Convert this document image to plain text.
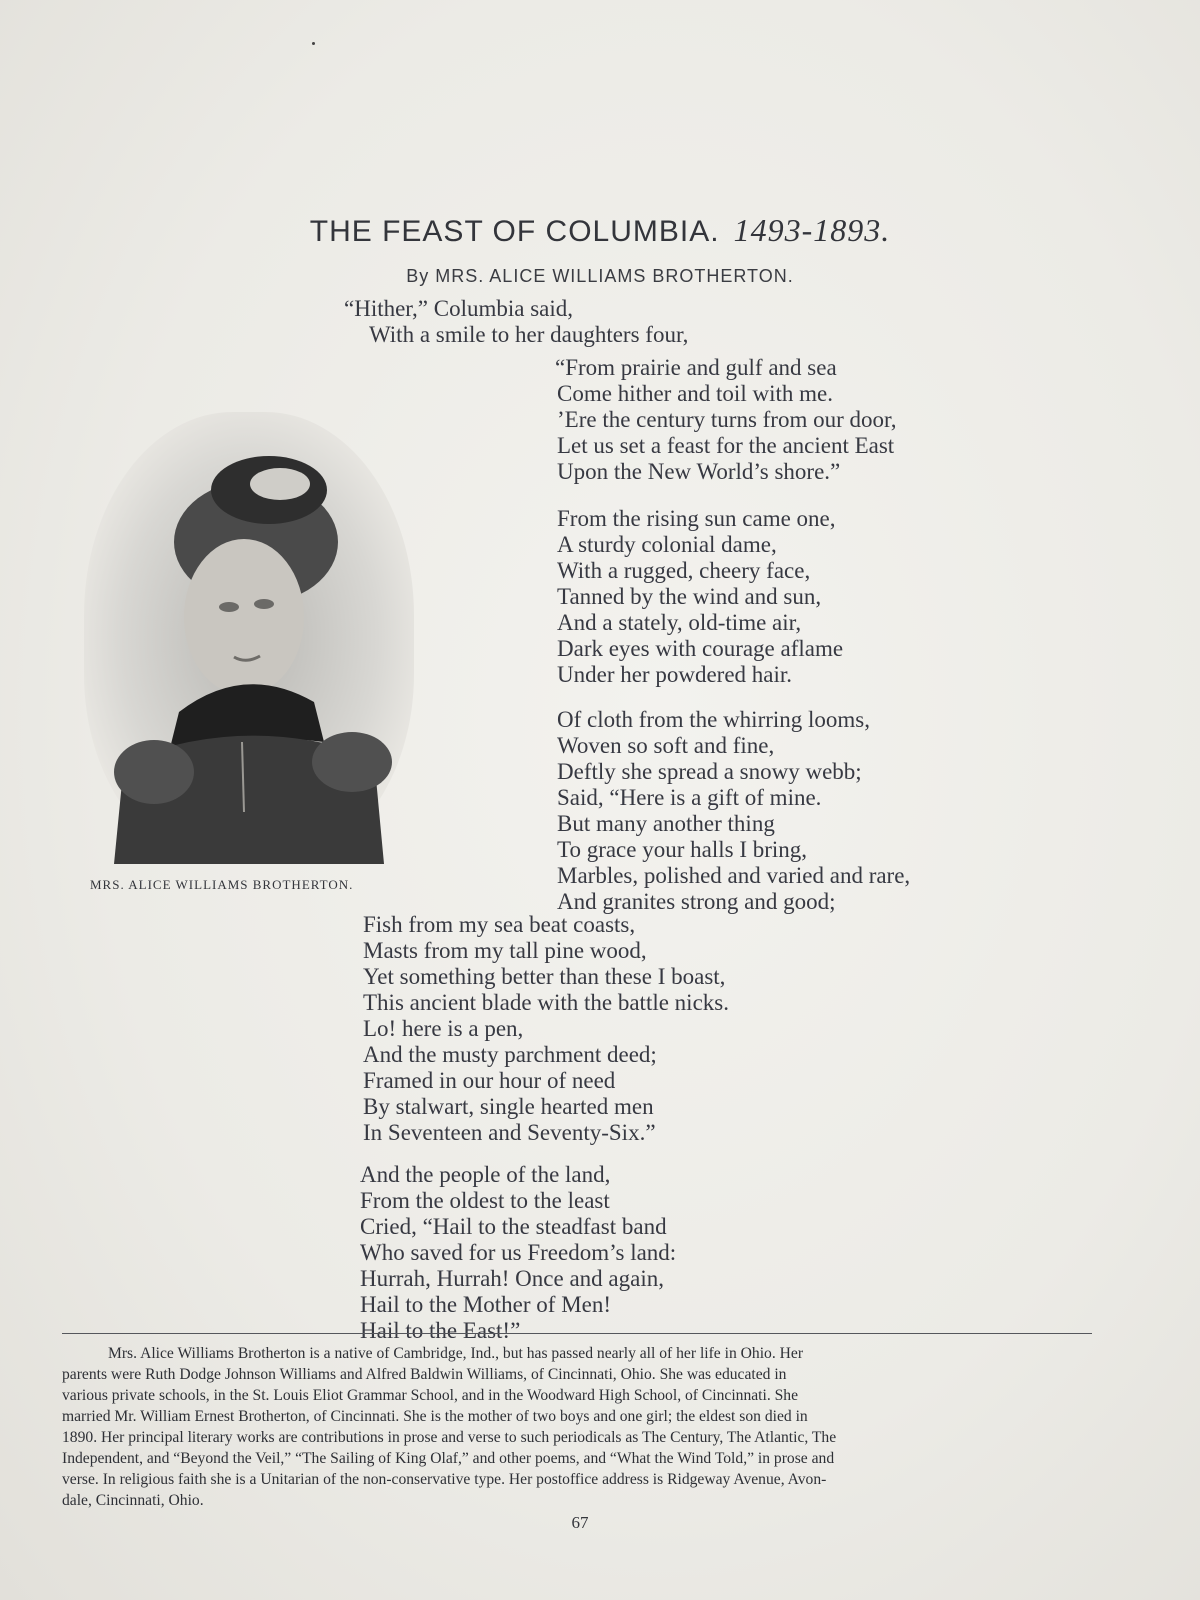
THE FEAST OF COLUMBIA. 1493-1893.
By MRS. ALICE WILLIAMS BROTHERTON.
MRS. ALICE WILLIAMS BROTHERTON.
“Hither,” Columbia said,
With a smile to her daughters four,
“From prairie and gulf and sea
Come hither and toil with me.
’Ere the century turns from our door,
Let us set a feast for the ancient East
Upon the New World’s shore.”
From the rising sun came one,
A sturdy colonial dame,
With a rugged, cheery face,
Tanned by the wind and sun,
And a stately, old-time air,
Dark eyes with courage aflame
Under her powdered hair.
Of cloth from the whirring looms,
Woven so soft and fine,
Deftly she spread a snowy webb;
Said, “Here is a gift of mine.
But many another thing
To grace your halls I bring,
Marbles, polished and varied and rare,
And granites strong and good;
Fish from my sea beat coasts,
Masts from my tall pine wood,
Yet something better than these I boast,
This ancient blade with the battle nicks.
Lo! here is a pen,
And the musty parchment deed;
Framed in our hour of need
By stalwart, single hearted men
In Seventeen and Seventy-Six.”
And the people of the land,
From the oldest to the least
Cried, “Hail to the steadfast band
Who saved for us Freedom’s land:
Hurrah, Hurrah! Once and again,
Hail to the Mother of Men!
Hail to the East!”
Mrs. Alice Williams Brotherton is a native of Cambridge, Ind., but has passed nearly all of her life in Ohio. Her
parents were Ruth Dodge Johnson Williams and Alfred Baldwin Williams, of Cincinnati, Ohio. She was educated in
various private schools, in the St. Louis Eliot Grammar School, and in the Woodward High School, of Cincinnati. She
married Mr. William Ernest Brotherton, of Cincinnati. She is the mother of two boys and one girl; the eldest son died in
1890. Her principal literary works are contributions in prose and verse to such periodicals as The Century, The Atlantic, The
Independent, and “Beyond the Veil,” “The Sailing of King Olaf,” and other poems, and “What the Wind Told,” in prose and
verse. In religious faith she is a Unitarian of the non-conservative type. Her postoffice address is Ridgeway Avenue, Avon-
dale, Cincinnati, Ohio.
67
